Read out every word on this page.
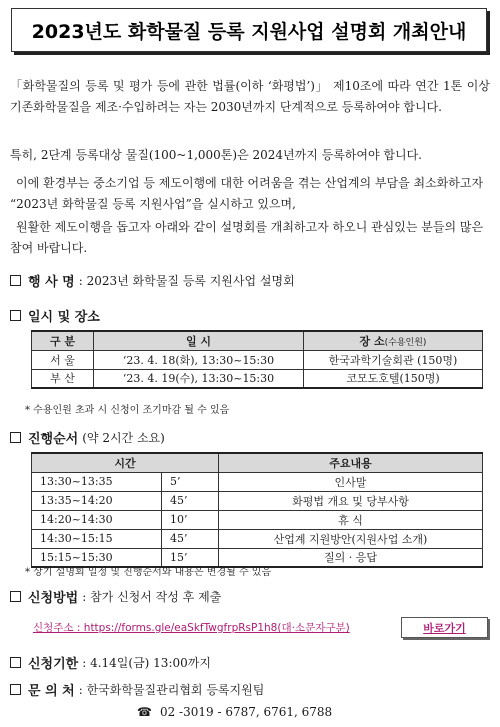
2023년도 화학물질 등록 지원사업 설명회 개최안내

「화학물질의 등록 및 평가 등에 관한 법률(이하 ‘화평법’)」 제10조에 따라 연간 1톤 이상 기존화학물질을 제조·수입하려는 자는 2030년까지 단계적으로 등록하여야 합니다.

특히, 2단계 등록대상 물질(100~1,000톤)은 2024년까지 등록하여야 합니다.

이에 환경부는 중소기업 등 제도이행에 대한 어려움을 겪는 산업계의 부담을 최소화하고자 “2023년 화학물질 등록 지원사업”을 실시하고 있으며,

원활한 제도이행을 돕고자 아래와 같이 설명회를 개최하고자 하오니 관심있는 분들의 많은 참여 바랍니다.

행 사 명 : 2023년 화학물질 등록 지원사업 설명회
일시 및 장소
구 분	일 시	장 소(수용인원)
서 울	‘23. 4. 18(화), 13:30~15:30	한국과학기술회관 (150명)
부 산	‘23. 4. 19(수), 13:30~15:30	코모도호텔(150명)
* 수용인원 초과 시 신청이 조기마감 될 수 있음
진행순서 (약 2시간 소요)
시간		주요내용
13:30~13:35	5’	인사말
13:35~14:20	45’	화평법 개요 및 당부사항
14:20~14:30	10’	휴 식
14:30~15:15	45’	산업계 지원방안(지원사업 소개)
15:15~15:30	15’	질의 · 응답
* 상기 설명회 일정 및 진행순서와 내용은 변경될 수 있음
신청방법 : 참가 신청서 작성 후 제출
신청주소 : https://forms.gle/eaSkfTwgfrpRsP1h8(대·소문자구분)	바로가기
신청기한 : 4.14일(금) 13:00까지
문 의 처 : 한국화학물질관리협회 등록지원팀
☎ 02 -3019 - 6787, 6761, 6788
